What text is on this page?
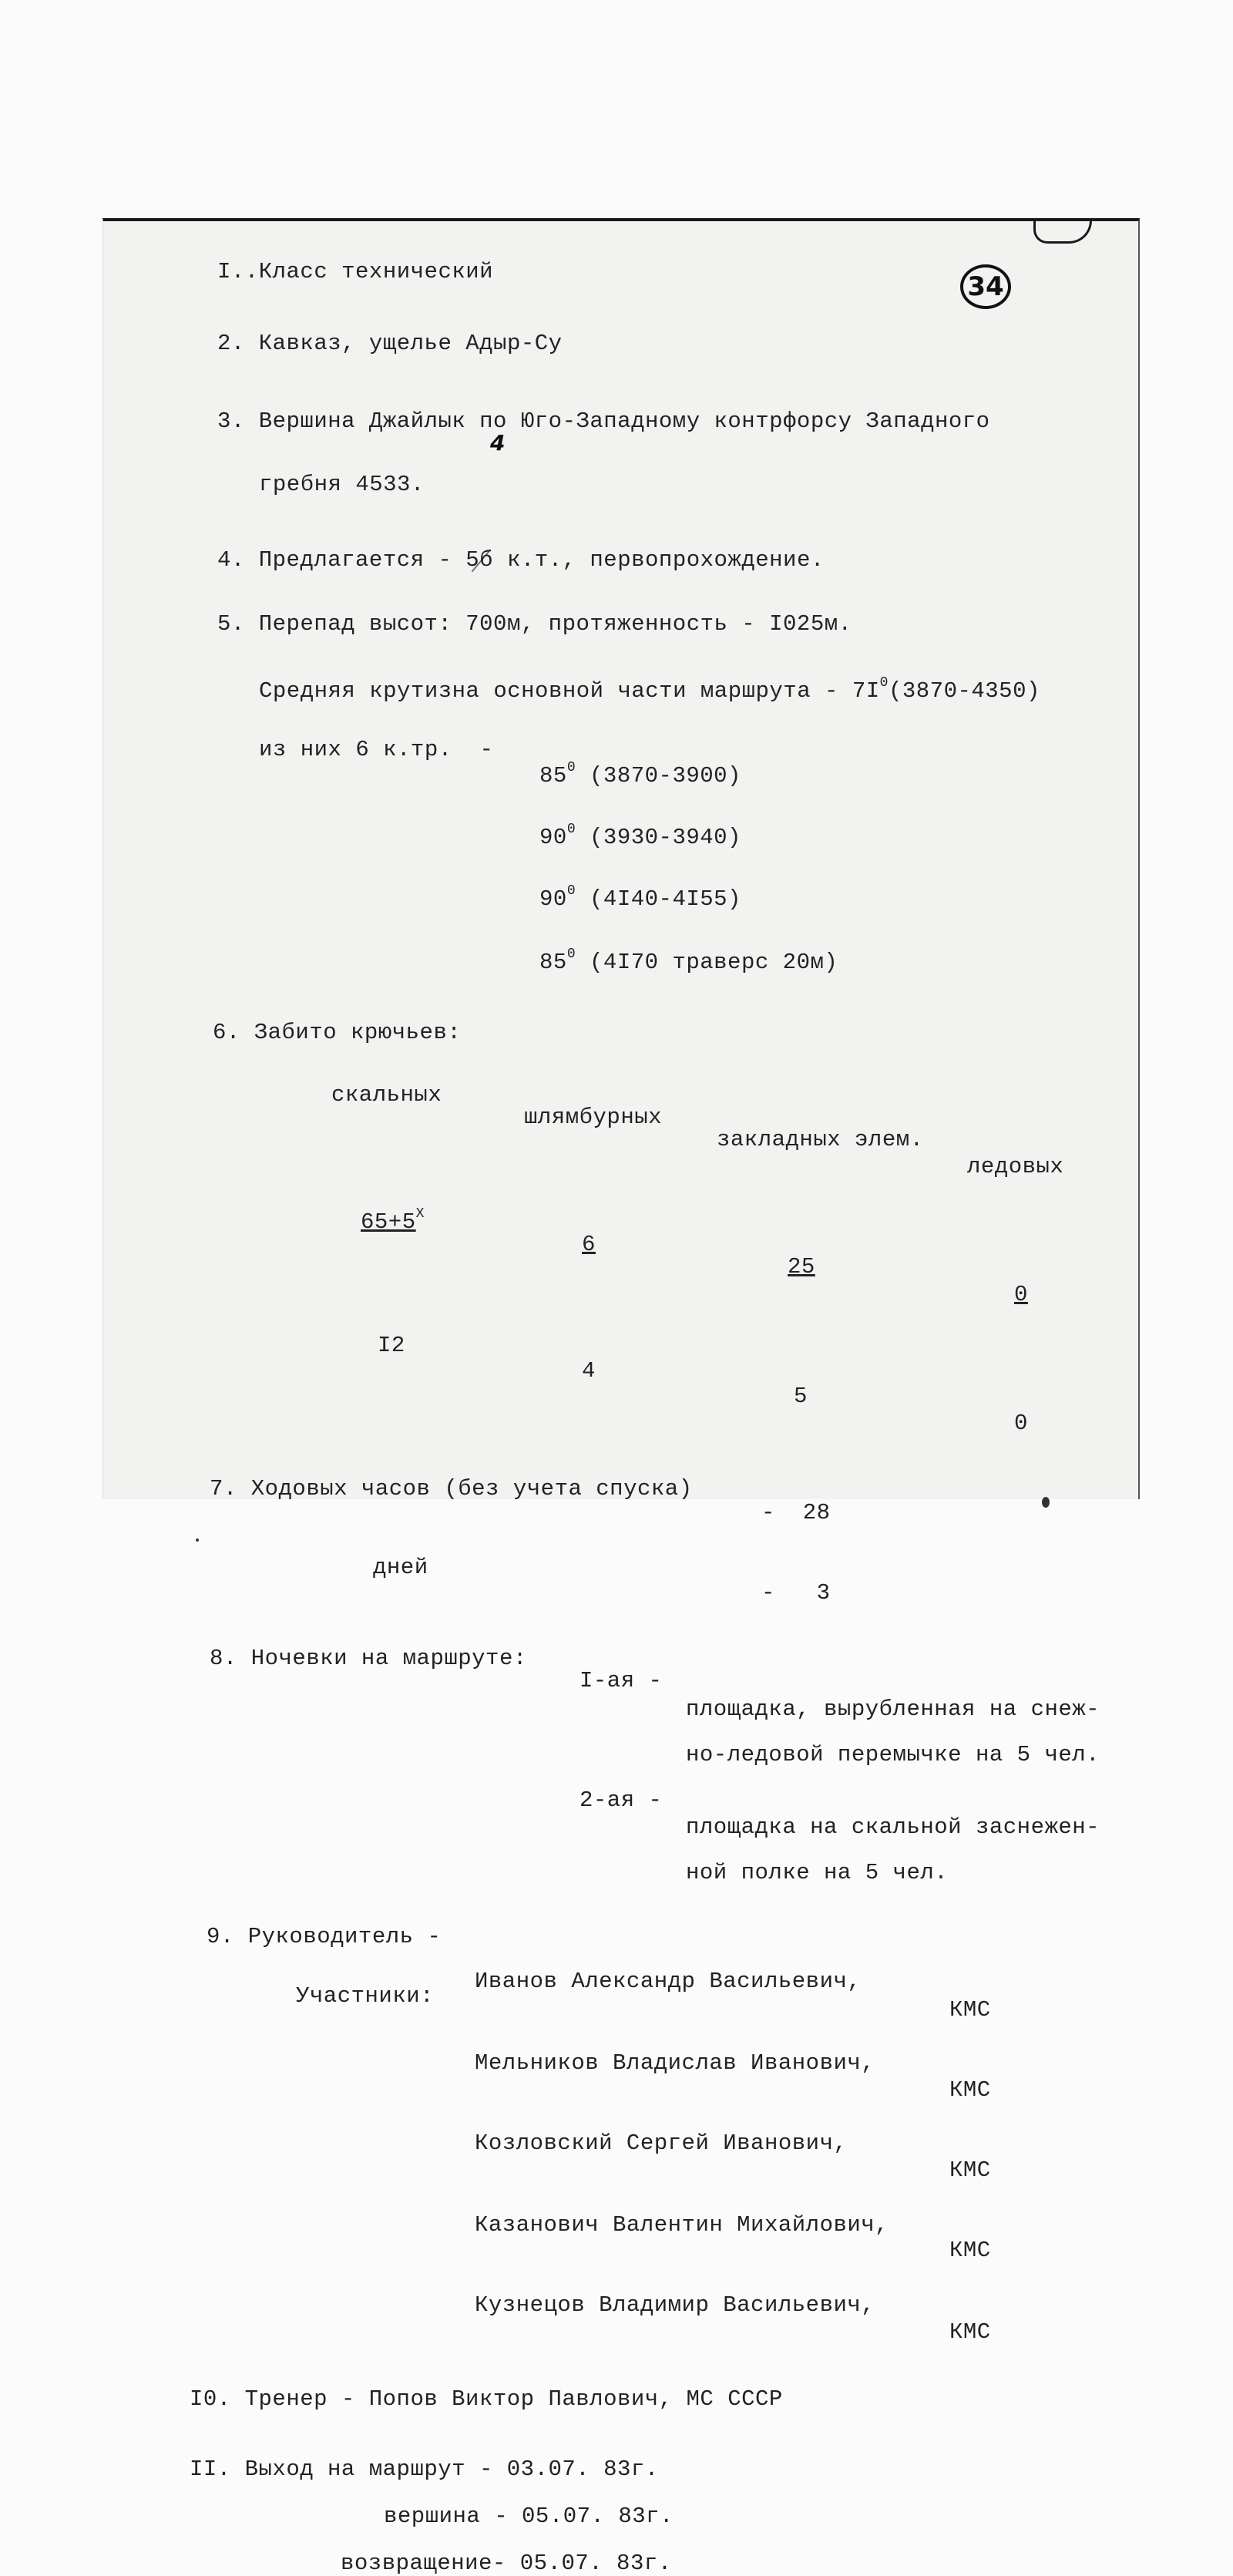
34
I..Класс технический
2. Кавказ, ущелье Адыр-Су
3. Вершина Джайлык по Юго-Западному контрфорсу Западного
гребня 4533.
4. Предлагается - 5б к.т., первопрохождение.
4
5. Перепад высот: 700м, протяженность - I025м.
Средняя крутизна основной части маршрута - $7I^0(3870-4350)$
из них 6 к.тр.  -
$85^0$ (3870-3900)
$90^0$ (3930-3940)
$90^0$ (4I40-4I55)
$85^0$ (4I70 траверс 20м)
6. Забито крючьев:
скальных
шлямбурных
закладных элем.
ледовых
$65+5^X$
6
25
0
I2
4
5
0
7. Ходовых часов (без учета спуска)
-  28
дней
-   3
8. Ночевки на маршруте:
I-ая -
площадка, вырубленная на снеж-
но-ледовой перемычке на 5 чел.
2-ая -
площадка на скальной заснежен-
ной полке на 5 чел.
9. Руководитель -
Участники:
Иванов Александр Васильевич,
КМС
Мельников Владислав Иванович,
КМС
Козловский Сергей Иванович,
КМС
Казанович Валентин Михайлович,
КМС
Кузнецов Владимир Васильевич,
КМС
I0. Тренер - Попов Виктор Павлович, МС СССР
II. Выход на маршрут - 03.07. 83г.
вершина - 05.07. 83г.
возвращение- 05.07. 83г.
